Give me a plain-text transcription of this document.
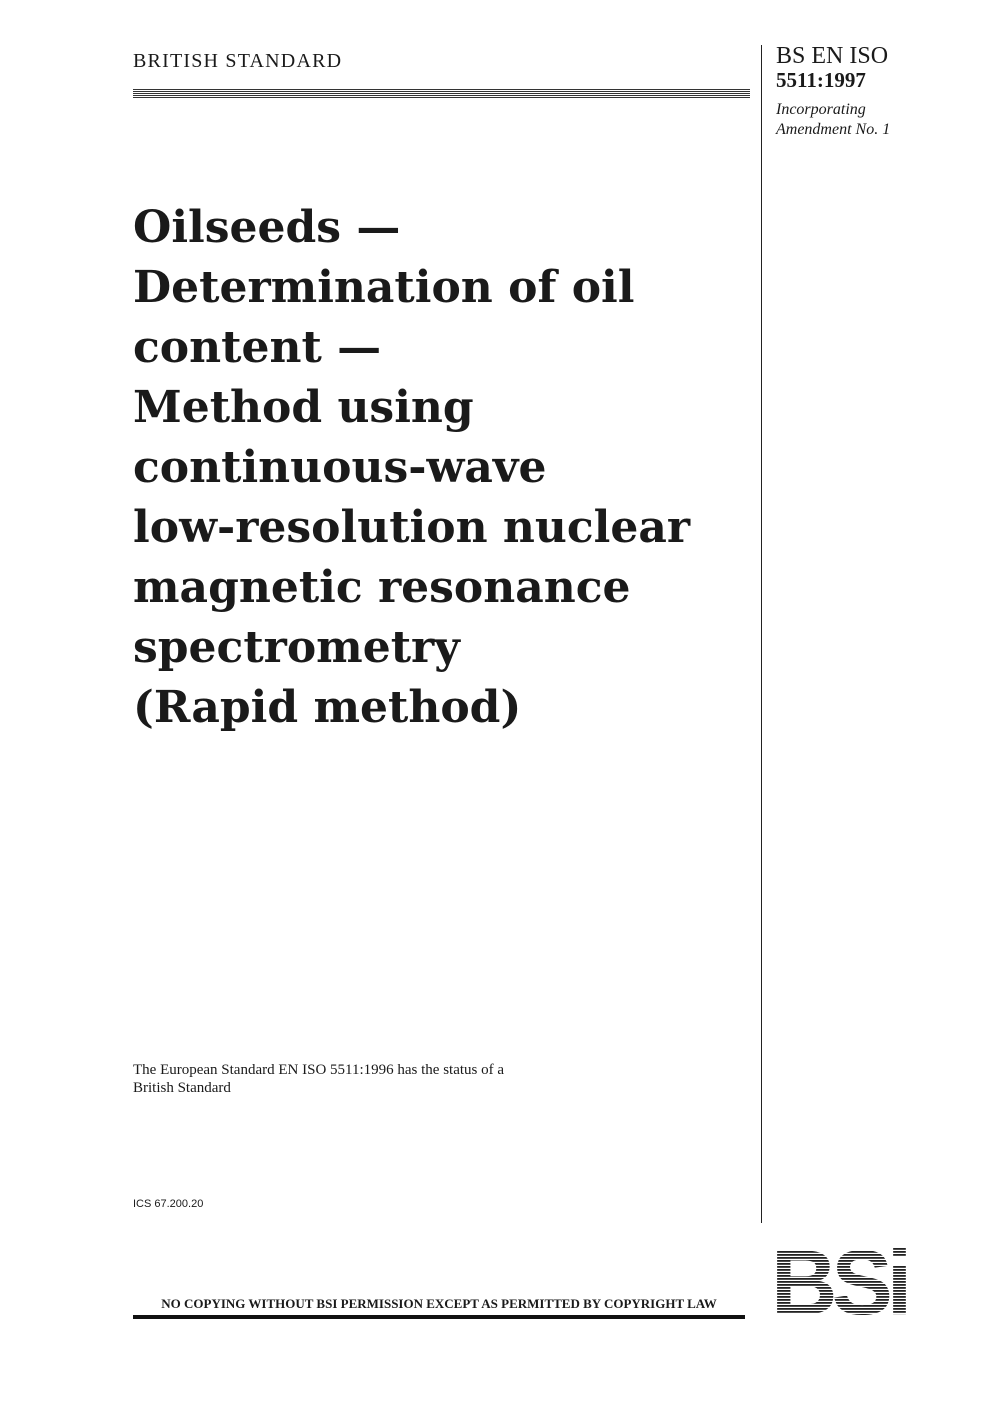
BRITISH STANDARD	BS EN ISO
5511:1997
Incorporating
Amendment No. 1
Oilseeds —
Determination of oil
content —
Method using
continuous-wave
low-resolution nuclear
magnetic resonance
spectrometry
(Rapid method)
The European Standard EN ISO 5511:1996 has the status of a
British Standard
ICS 67.200.20
NO COPYING WITHOUT BSI PERMISSION EXCEPT AS PERMITTED BY COPYRIGHT LAW
